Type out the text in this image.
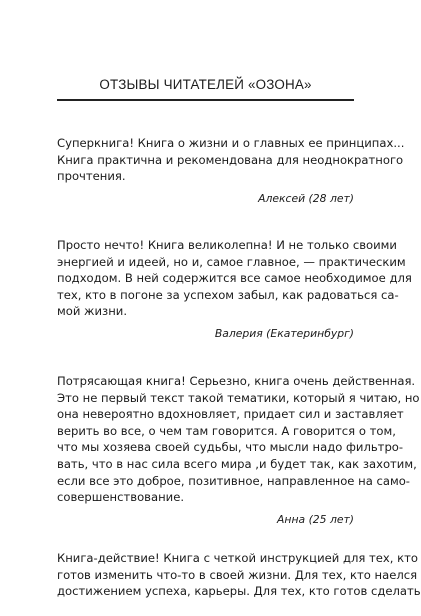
ОТЗЫВЫ ЧИТАТЕЛЕЙ «ОЗОНА»
Суперкнига! Книга о жизни и о главных ее принципах...
Книга практична и рекомендована для неоднократного
прочтения.
Алексей (28 лет)
Просто нечто! Книга великолепна! И не только своими
энергией и идеей, но и, самое главное, — практическим
подходом. В ней содержится все самое необходимое для
тех, кто в погоне за успехом забыл, как радоваться са-
мой жизни.
Валерия (Екатеринбург)
Потрясающая книга! Серьезно, книга очень действенная.
Это не первый текст такой тематики, который я читаю, но
она невероятно вдохновляет, придает сил и заставляет
верить во все, о чем там говорится. А говорится о том,
что мы хозяева своей судьбы, что мысли надо фильтро-
вать, что в нас сила всего мира ,и будет так, как захотим,
если все это доброе, позитивное, направленное на само-
совершенствование.
Анна (25 лет)
Книга-действие! Книга с четкой инструкцией для тех, кто
готов изменить что-то в своей жизни. Для тех, кто наелся
достижением успеха, карьеры. Для тех, кто готов сделать
